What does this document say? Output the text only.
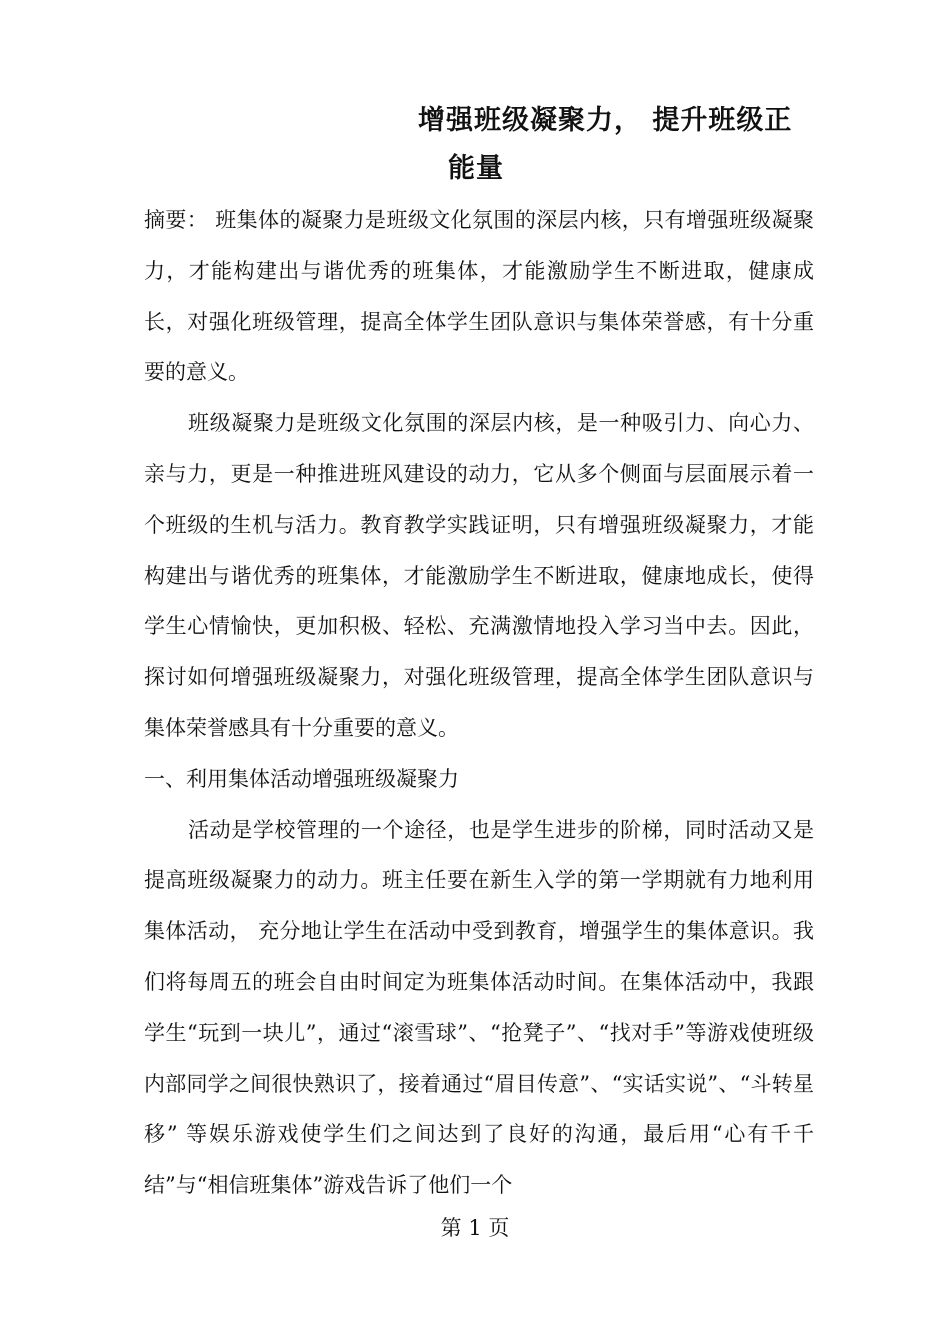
增强班级凝聚力， 提升班级正
能量

摘要： 班集体的凝聚力是班级文化氛围的深层内核，只有增强班级凝聚力，才能构建出与谐优秀的班集体，才能激励学生不断进取，健康成长，对强化班级管理，提高全体学生团队意识与集体荣誉感，有十分重要的意义。

班级凝聚力是班级文化氛围的深层内核，是一种吸引力、向心力、亲与力，更是一种推进班风建设的动力，它从多个侧面与层面展示着一个班级的生机与活力。教育教学实践证明，只有增强班级凝聚力，才能构建出与谐优秀的班集体，才能激励学生不断进取，健康地成长，使得学生心情愉快，更加积极、轻松、充满激情地投入学习当中去。因此，探讨如何增强班级凝聚力，对强化班级管理，提高全体学生团队意识与集体荣誉感具有十分重要的意义。

一、利用集体活动增强班级凝聚力

活动是学校管理的一个途径，也是学生进步的阶梯，同时活动又是提高班级凝聚力的动力。班主任要在新生入学的第一学期就有力地利用集体活动， 充分地让学生在活动中受到教育，增强学生的集体意识。我们将每周五的班会自由时间定为班集体活动时间。在集体活动中，我跟学生“玩到一块儿”，通过“滚雪球”、“抢凳子”、“找对手”等游戏使班级内部同学之间很快熟识了，接着通过“眉目传意”、“实话实说”、“斗转星移” 等娱乐游戏使学生们之间达到了良好的沟通，最后用“心有千千结”与“相信班集体”游戏告诉了他们一个

第 1 页
